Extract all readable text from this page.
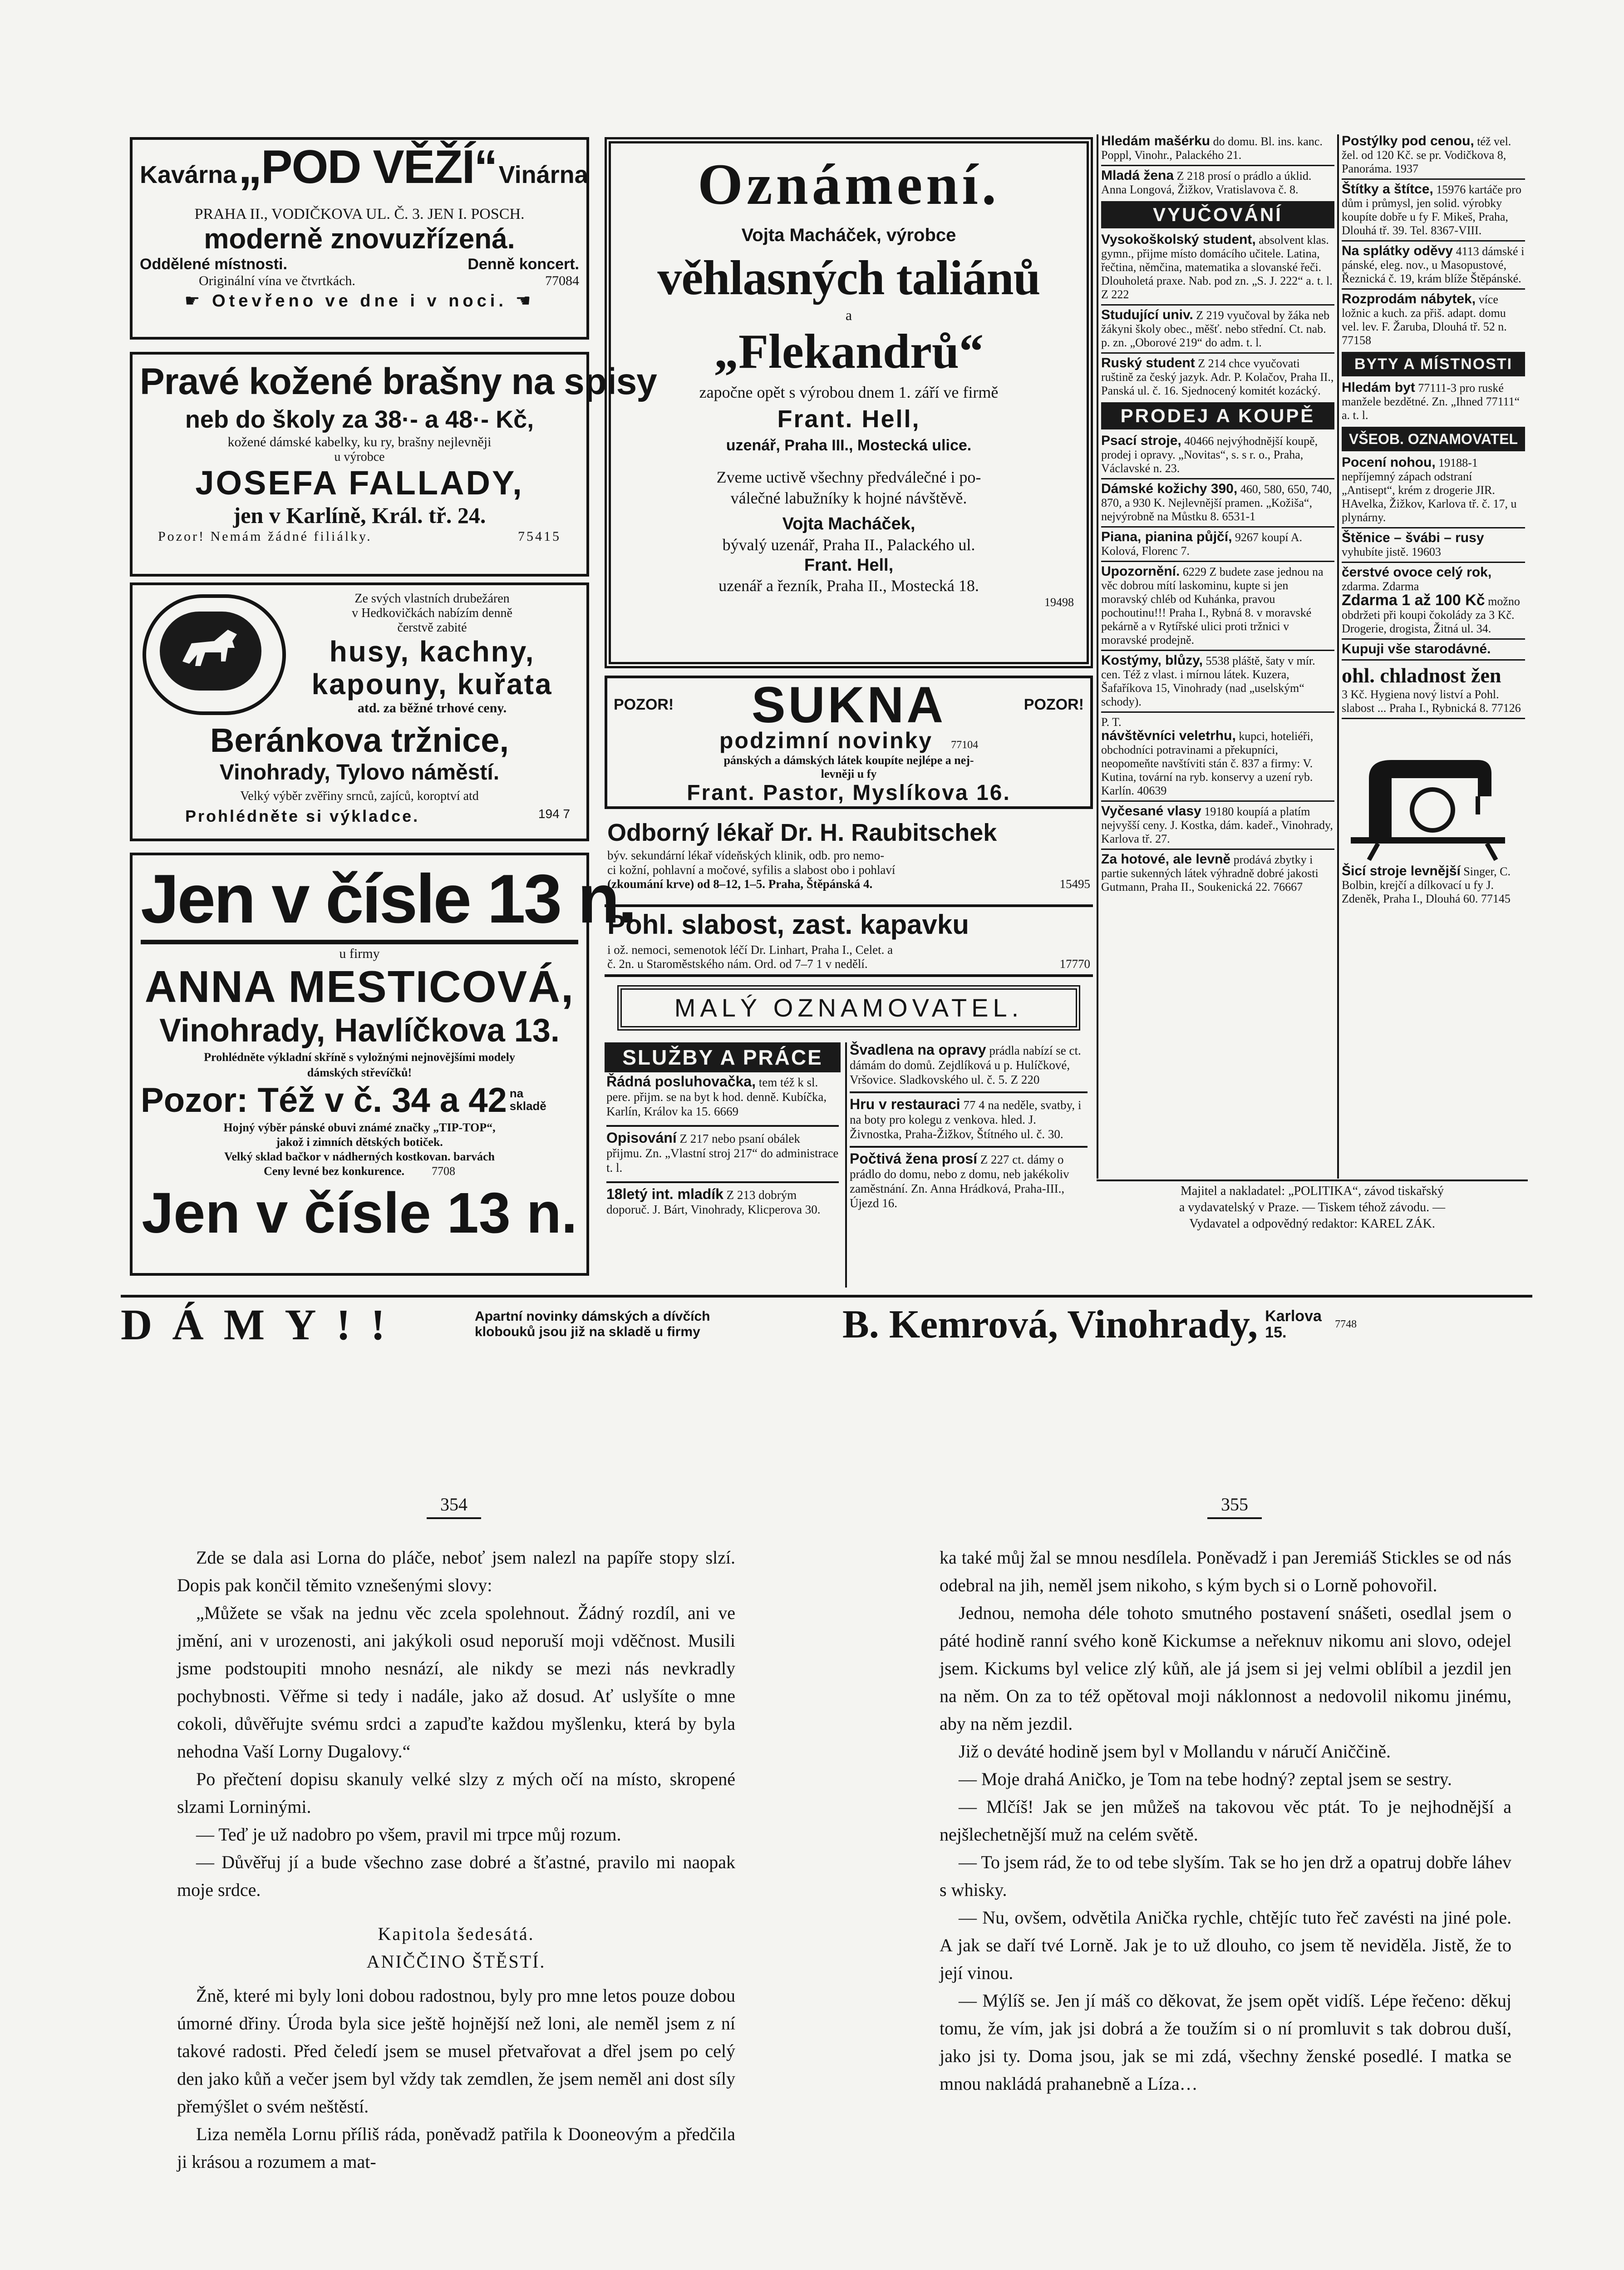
Kavárna „POD VĚŽÍ“ Vinárna
PRAHA II., VODIČKOVA UL. Č. 3. JEN I. POSCH.
moderně znovuzřízená.
Oddělené místnosti.	Denně koncert.
Originální vína ve čtvrtkách.	77084
☛ Otevřeno ve dne i v noci. ☚
Pravé kožené brašny na spisy
neb do školy za 38·- a 48·- Kč,
kožené dámské kabelky, ku ry, brašny nejlevněji
u výrobce
JOSEFA FALLADY,
jen v Karlíně, Král. tř. 24.
Pozor! Nemám žádné filiálky.	75415
Ze svých vlastních drubežáren
v Hedkovičkách nabízím denně
čerstvě zabité
husy, kachny,
kapouny, kuřata
atd. za běžné trhové ceny.
Beránkova tržnice,
Vinohrady, Tylovo náměstí.
Velký výběr zvěřiny srnců, zajíců, koroptví atd
Prohlédněte si výkladce.	194 7
Jen v čísle 13 n.
u firmy
ANNA MESTICOVÁ,
Vinohrady, Havlíčkova 13.
Prohlédněte výkladní skříně s vyložnými nejnovějšími modely dámských střevíčků!
Pozor: Též v č. 34 a 42 na skladě
Hojný výběr pánské obuvi známé značky „TIP-TOP“,
jakož i zimních dětských botiček.
Velký sklad bačkor v nádherných kostkovan. barvách
Ceny levné bez konkurence. 7708
Jen v čísle 13 n.
Oznámení.
Vojta Macháček, výrobce
věhlasných taliánů
a
„Flekandrů“
započne opět s výrobou dnem 1. září ve firmě
Frant. Hell,
uzenář, Praha III., Mostecká ulice.
Zveme uctivě všechny předválečné i po-
válečné labužníky k hojné návštěvě.
Vojta Macháček,
bývalý uzenář, Praha II., Palackého ul.
Frant. Hell,
uzenář a řezník, Praha II., Mostecká 18.
19498
POZOR! SUKNA	POZOR!
podzimní novinky 77104
pánských a dámských látek koupíte nejlépe a nej-
levněji u fy
Frant. Pastor, Myslíkova 16.
Odborný lékař Dr. H. Raubitschek
býv. sekundární lékař vídeňských klinik, odb. pro nemo-
ci kožní, pohlavní a močové, syfilis a slabost obo i pohlaví
(zkoumání krve) od 8–12, 1–5. Praha, Štěpánská 4.	15495
Pohl. slabost, zast. kapavku
i ož. nemoci, semenotok léčí Dr. Linhart, Praha I., Celet. a
č. 2n. u Staroměstského nám. Ord. od 7–7 1 v nedělí.	17770
MALÝ OZNAMOVATEL.
SLUŽBY A PRÁCE
Řádná posluhovačka, tem též k sl. pere. přijm. se na byt k hod. denně. Kubíčka, Karlín, Králov ka 15. 6669
Opisování Z 217 nebo psaní obálek přijmu. Zn. „Vlastní stroj 217“ do administrace t. l.
18letý int. mladík Z 213 dobrým doporuč. J. Bárt, Vinohrady, Klicperova 30.
Švadlena na opravy prádla nabízí se ct. dámám do domů. Zejdlíková u p. Hulíčkové, Vršovice. Sladkovského ul. č. 5. Z 220
Hru v restauraci 77 4 na neděle, svatby, i na boty pro kolegu z venkova. hled. J. Živnostka, Praha-Žižkov, Štítného ul. č. 30.
Počtivá žena prosí Z 227 ct. dámy o prádlo do domu, nebo z domu, neb jakékoliv zaměstnání. Zn. Anna Hrádková, Praha-III., Újezd 16.

Hledám mašérku do domu. Bl. ins. kanc. Poppl, Vinohr., Palackého 21.

Mladá žena Z 218 prosí o prádlo a úklid. Anna Longová, Žižkov, Vratislavova č. 8.

VYUČOVÁNÍ

Vysokoškolský student, absolvent klas. gymn., přijme místo domácího učitele. Latina, řečtina, němčina, matematika a slovanské řeči. Dlouholetá praxe. Nab. pod zn. „S. J. 222“ a. t. l. Z 222

Studující univ. Z 219 vyučoval by žáka neb žákyni školy obec., měšť. nebo střední. Ct. nab. p. zn. „Oborové 219“ do adm. t. l.

Ruský student Z 214 chce vyučovati ruštině za český jazyk. Adr. P. Kolačov, Praha II., Panská ul. č. 16. Sjednocený komitét kozácký.

PRODEJ A KOUPĚ

Psací stroje, 40466 nejvýhodnější koupě, prodej i opravy. „Novitas“, s. s r. o., Praha, Václavské n. 23.

Dámské kožichy 390, 460, 580, 650, 740, 870, a 930 K. Nejlevnější pramen. „Kožiša“, nejvýrobně na Můstku 8. 6531-1

Piana, pianina půjčí, 9267 koupí A. Kolová, Florenc 7.

Upozornění. 6229 Z budete zase jednou na věc dobrou mítí laskominu, kupte si jen moravský chléb od Kuhánka, pravou pochoutinu!!! Praha I., Rybná 8. v moravské pekárně a v Rytířské ulici proti tržnici v moravské prodejně.

Kostýmy, blůzy, 5538 pláště, šaty v mír. cen. Též z vlast. i mírnou látek. Kuzera, Šafaříkova 15, Vinohrady (nad „uselským“ schody).

P. T.
návštěvníci veletrhu, kupci, hoteliéři, obchodníci potravinami a překupníci, neopomeňte navštíviti stán č. 837 a firmy: V. Kutina, tovární na ryb. konservy a uzení ryb. Karlín. 40639

Vyčesané vlasy 19180 koupíá a platím nejvyšší ceny. J. Kostka, dám. kadeř., Vinohrady, Karlova tř. 27.

Za hotové, ale levně prodává zbytky i partie sukenných látek výhradně dobré jakosti Gutmann, Praha II., Soukenická 22. 76667

Postýlky pod cenou, též vel. žel. od 120 Kč. se pr. Vodičkova 8, Panoráma. 1937

Štítky a štítce, 15976 kartáče pro dům i průmysl, jen solid. výrobky koupíte dobře u fy F. Mikeš, Praha, Dlouhá tř. 39. Tel. 8367-VIII.

Na splátky oděvy 4113 dámské i pánské, eleg. nov., u Masopustové, Řeznická č. 19, krám blíže Štěpánské.

Rozprodám nábytek, více ložnic a kuch. za přiš. adapt. domu vel. lev. F. Žaruba, Dlouhá tř. 52 n. 77158

BYTY A MÍSTNOSTI

Hledám byt 77111-3 pro ruské manžele bezdětné. Zn. „Ihned 77111“ a. t. l.

VŠEOB. OZNAMOVATEL

Pocení nohou, 19188-1 nepříjemný zápach odstraní „Antisept“, krém z drogerie JIR. HAvelka, Žižkov, Karlova tř. č. 17, u plynárny.

Štěnice – švábi – rusy vyhubíte jistě. 19603

čerstvé ovoce celý rok, zdarma. Zdarma

Zdarma 1 až 100 Kč možno obdržeti při koupi čokolády za 3 Kč. Drogerie, drogista, Žitná ul. 34.

Kupuji vše starodávné.

ohl. chladnost žen
3 Kč. Hygiena nový liství a Pohl. slabost ... Praha I., Rybnická 8. 77126

Šicí stroje levnější Singer, C. Bolbin, krejčí a dílkovací u fy J. Zdeněk, Praha I., Dlouhá 60. 77145

Majitel a nakladatel: „POLITIKA“, závod tiskařský
a vydavatelský v Praze. — Tiskem téhož závodu. —
Vydavatel a odpovědný redaktor: KAREL ZÁK.
DÁMY!!	Apartní novinky dámských a dívčích
klobouků jsou již na skladě u firmy	B. Kemrová, Vinohrady, Karlova 15.	7748
354	355

Zde se dala asi Lorna do pláče, neboť jsem nalezl na papíře stopy slzí. Dopis pak končil těmito vznešenými slovy:

„Můžete se však na jednu věc zcela spolehnout. Žádný rozdíl, ani ve jmění, ani v urozenosti, ani jakýkoli osud neporuší moji vděčnost. Musili jsme podstoupiti mnoho nesnází, ale nikdy se mezi nás nevkradly pochybnosti. Věřme si tedy i nadále, jako až dosud. Ať uslyšíte o mne cokoli, důvěřujte svému srdci a zapuďte každou myšlenku, která by byla nehodna Vaší Lorny Dugalovy.“

Po přečtení dopisu skanuly velké slzy z mých očí na místo, skropené slzami Lorninými.

— Teď je už nadobro po všem, pravil mi trpce můj rozum.

— Důvěřuj jí a bude všechno zase dobré a šťastné, pravilo mi naopak moje srdce.

Kapitola šedesátá.

ANIČČINO ŠTĚSTÍ.

Žně, které mi byly loni dobou radostnou, byly pro mne letos pouze dobou úmorné dřiny. Úroda byla sice ještě hojnější než loni, ale neměl jsem z ní takové radosti. Před čeledí jsem se musel přetvařovat a dřel jsem po celý den jako kůň a večer jsem byl vždy tak zemdlen, že jsem neměl ani dost síly přemýšlet o svém neštěstí.

Liza neměla Lornu příliš ráda, poněvadž patřila k Dooneovým a předčila ji krásou a rozumem a mat-

ka také můj žal se mnou nesdílela. Poněvadž i pan Jeremiáš Stickles se od nás odebral na jih, neměl jsem nikoho, s kým bych si o Lorně pohovořil.

Jednou, nemoha déle tohoto smutného postavení snášeti, osedlal jsem o páté hodině ranní svého koně Kickumse a neřeknuv nikomu ani slovo, odejel jsem. Kickums byl velice zlý kůň, ale já jsem si jej velmi oblíbil a jezdil jen na něm. On za to též opětoval moji náklonnost a nedovolil nikomu jinému, aby na něm jezdil.

Již o deváté hodině jsem byl v Mollandu v náručí Aniččině.

— Moje drahá Aničko, je Tom na tebe hodný? zeptal jsem se sestry.

— Mlčíš! Jak se jen můžeš na takovou věc ptát. To je nejhodnější a nejšlechetnější muž na celém světě.

— To jsem rád, že to od tebe slyším. Tak se ho jen drž a opatruj dobře láhev s whisky.

— Nu, ovšem, odvětila Anička rychle, chtějíc tuto řeč zavésti na jiné pole. A jak se daří tvé Lorně. Jak je to už dlouho, co jsem tě neviděla. Jistě, že to její vinou.

— Mýlíš se. Jen jí máš co děkovat, že jsem opět vidíš. Lépe řečeno: děkuj tomu, že vím, jak jsi dobrá a že toužím si o ní promluvit s tak dobrou duší, jako jsi ty. Doma jsou, jak se mi zdá, všechny ženské posedlé. I matka se mnou nakládá prahanebně a Líza…
